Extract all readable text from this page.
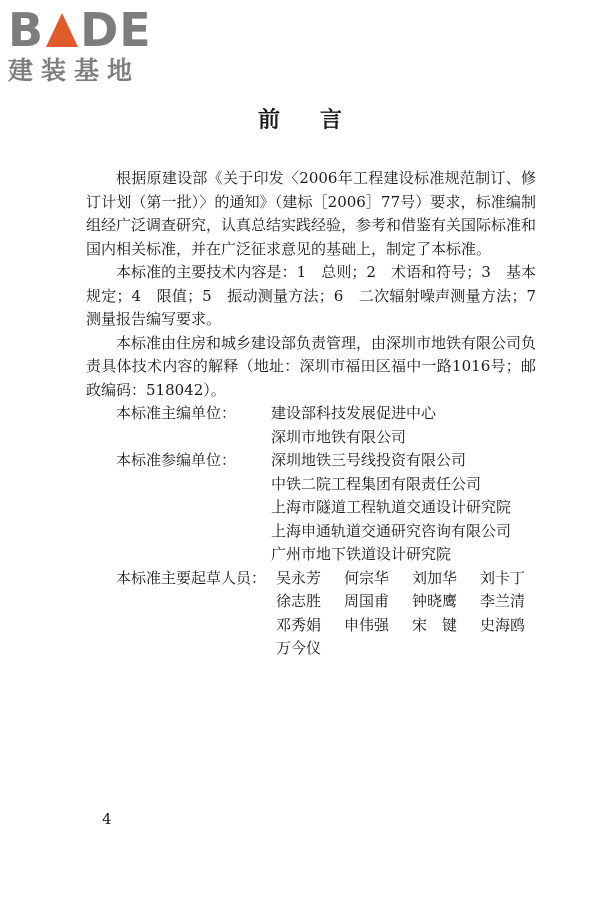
B DE
建装基地
前言

根据原建设部《关于印发〈2006年工程建设标准规范制订、修订计划（第一批）〉的通知》（建标［2006］77号）要求，标准编制组经广泛调查研究，认真总结实践经验，参考和借鉴有关国际标准和国内相关标准，并在广泛征求意见的基础上，制定了本标准。

本标准的主要技术内容是：1　总则；2　术语和符号；3　基本规定；4　限值；5　振动测量方法；6　二次辐射噪声测量方法；7　测量报告编写要求。

本标准由住房和城乡建设部负责管理，由深圳市地铁有限公司负责具体技术内容的解释（地址：深圳市福田区福中一路1016号；邮政编码：518042）。

本标准主编单位：	建设部科技发展促进中心
深圳市地铁有限公司
本标准参编单位：	深圳地铁三号线投资有限公司
中铁二院工程集团有限责任公司
上海市隧道工程轨道交通设计研究院
上海申通轨道交通研究咨询有限公司
广州市地下铁道设计研究院
本标准主要起草人员： 吴永芳	何宗华	刘加华	刘卡丁
徐志胜	周国甫	钟晓鹰	李兰清
邓秀娟	申伟强	宋　键	史海鸥
万今仪
4
